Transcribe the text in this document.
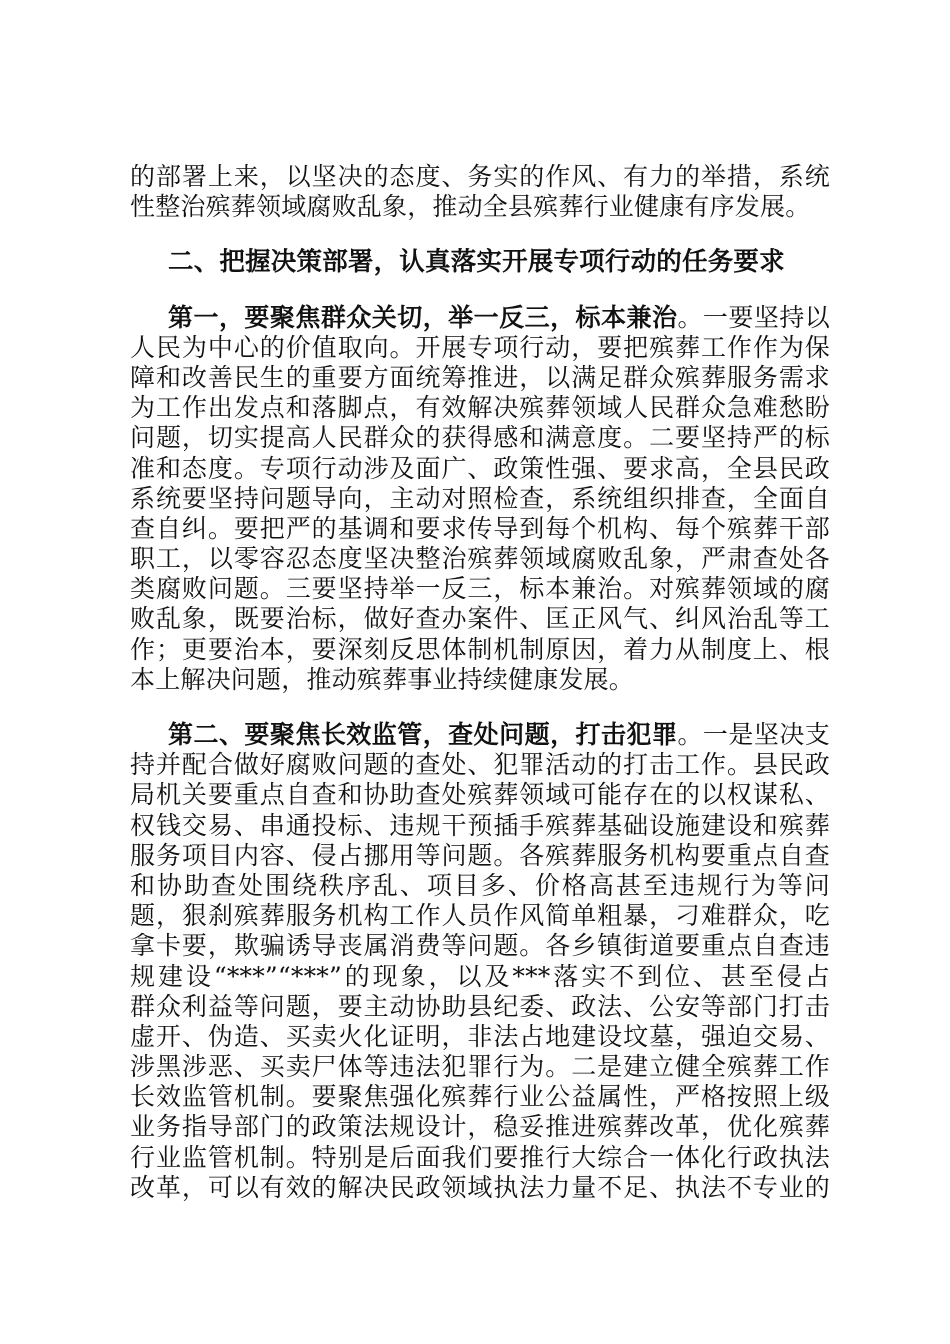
的部署上来，以坚决的态度、务实的作风、有力的举措，系统
性整治殡葬领域腐败乱象，推动全县殡葬行业健康有序发展。
二、把握决策部署，认真落实开展专项行动的任务要求
第一，要聚焦群众关切，举一反三，标本兼治。一要坚持以
人民为中心的价值取向。开展专项行动，要把殡葬工作作为保
障和改善民生的重要方面统筹推进，以满足群众殡葬服务需求
为工作出发点和落脚点，有效解决殡葬领域人民群众急难愁盼
问题，切实提高人民群众的获得感和满意度。二要坚持严的标
准和态度。专项行动涉及面广、政策性强、要求高，全县民政
系统要坚持问题导向，主动对照检查，系统组织排查，全面自
查自纠。要把严的基调和要求传导到每个机构、每个殡葬干部
职工，以零容忍态度坚决整治殡葬领域腐败乱象，严肃查处各
类腐败问题。三要坚持举一反三，标本兼治。对殡葬领域的腐
败乱象，既要治标，做好查办案件、匡正风气、纠风治乱等工
作；更要治本，要深刻反思体制机制原因，着力从制度上、根
本上解决问题，推动殡葬事业持续健康发展。
第二、要聚焦长效监管，查处问题，打击犯罪。一是坚决支
持并配合做好腐败问题的查处、犯罪活动的打击工作。县民政
局机关要重点自查和协助查处殡葬领域可能存在的以权谋私、
权钱交易、串通投标、违规干预插手殡葬基础设施建设和殡葬
服务项目内容、侵占挪用等问题。各殡葬服务机构要重点自查
和协助查处围绕秩序乱、项目多、价格高甚至违规行为等问
题，狠刹殡葬服务机构工作人员作风简单粗暴，刁难群众，吃
拿卡要，欺骗诱导丧属消费等问题。各乡镇街道要重点自查违
规建设“***”“***”的现象，以及***落实不到位、甚至侵占
群众利益等问题，要主动协助县纪委、政法、公安等部门打击
虚开、伪造、买卖火化证明，非法占地建设坟墓，强迫交易、
涉黑涉恶、买卖尸体等违法犯罪行为。二是建立健全殡葬工作
长效监管机制。要聚焦强化殡葬行业公益属性，严格按照上级
业务指导部门的政策法规设计，稳妥推进殡葬改革，优化殡葬
行业监管机制。特别是后面我们要推行大综合一体化行政执法
改革，可以有效的解决民政领域执法力量不足、执法不专业的
